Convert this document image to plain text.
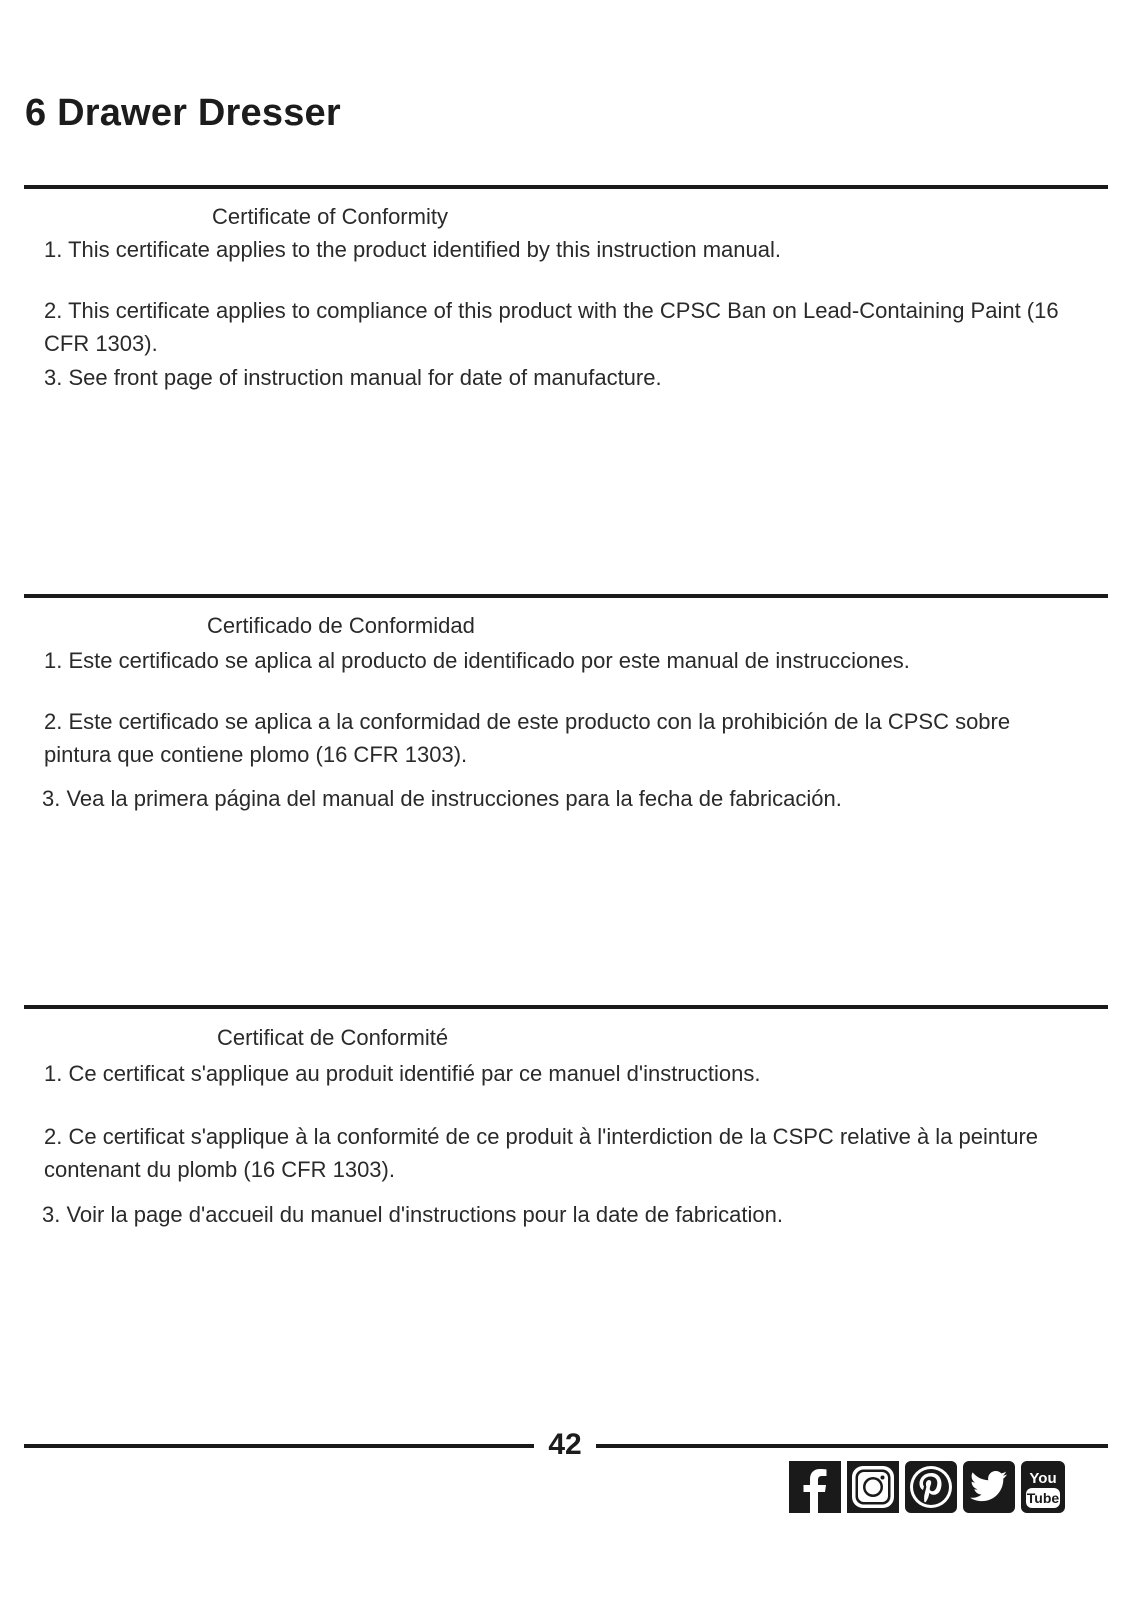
6 Drawer Dresser
Certificate of Conformity
1. This certificate applies to the product identified by this instruction manual.
2. This certificate applies to compliance of this product with the CPSC Ban on Lead-Containing Paint (16 CFR 1303).
3. See front page of instruction manual for date of manufacture.
Certificado de Conformidad
1. Este certificado se aplica al producto de identificado por este manual de instrucciones.
2. Este certificado se aplica a la conformidad de este producto con la prohibición de la CPSC sobre pintura que contiene plomo (16 CFR 1303).
3. Vea la primera página del manual de instrucciones para la fecha de fabricación.
Certificat de Conformité
1. Ce certificat s'applique au produit identifié par ce manuel d'instructions.
2. Ce certificat s'applique à la conformité de ce produit à l'interdiction de la CSPC relative à la peinture contenant du plomb (16 CFR 1303).
3. Voir la page d'accueil du manuel d'instructions pour la date de fabrication.
42
You
Tube
